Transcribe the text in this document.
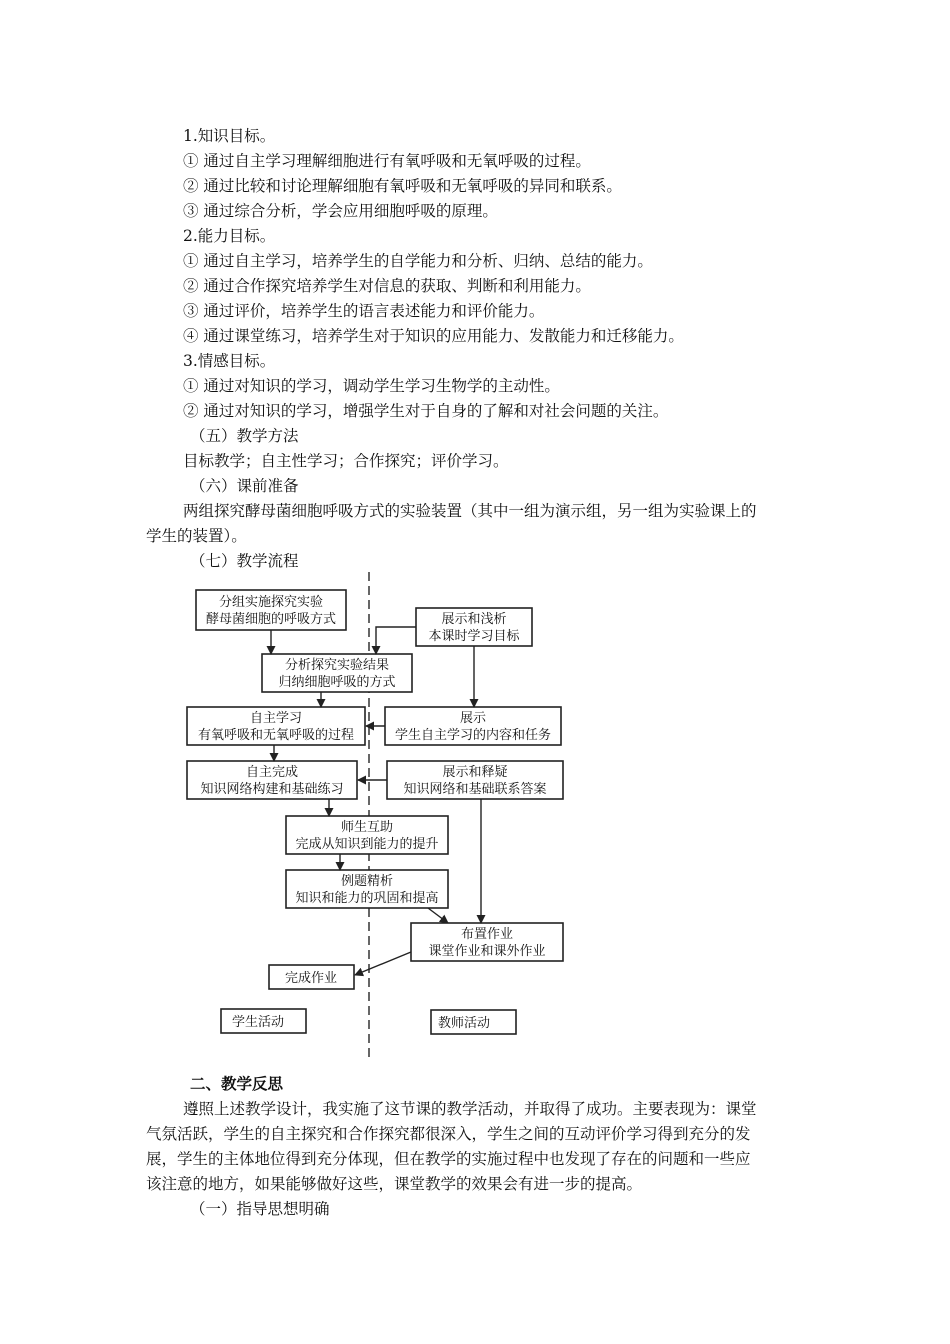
1.知识目标。
① 通过自主学习理解细胞进行有氧呼吸和无氧呼吸的过程。
② 通过比较和讨论理解细胞有氧呼吸和无氧呼吸的异同和联系。
③ 通过综合分析，学会应用细胞呼吸的原理。
2.能力目标。
① 通过自主学习，培养学生的自学能力和分析、归纳、总结的能力。
② 通过合作探究培养学生对信息的获取、判断和利用能力。
③ 通过评价，培养学生的语言表述能力和评价能力。
④ 通过课堂练习，培养学生对于知识的应用能力、发散能力和迁移能力。
3.情感目标。
① 通过对知识的学习，调动学生学习生物学的主动性。
② 通过对知识的学习，增强学生对于自身的了解和对社会问题的关注。
（五）教学方法
目标教学；自主性学习；合作探究；评价学习。
（六）课前准备
两组探究酵母菌细胞呼吸方式的实验装置（其中一组为演示组，另一组为实验课上的
学生的装置）。
（七）教学流程
分组实施探究实验
酵母菌细胞的呼吸方式
分析探究实验结果
归纳细胞呼吸的方式
自主学习
有氧呼吸和无氧呼吸的过程
自主完成
知识网络构建和基础练习
师生互助
完成从知识到能力的提升
例题精析
知识和能力的巩固和提高
完成作业
展示和浅析
本课时学习目标
展示
学生自主学习的内容和任务
展示和释疑
知识网络和基础联系答案
布置作业
课堂作业和课外作业
学生活动	教师活动
二、教学反思
遵照上述教学设计，我实施了这节课的教学活动，并取得了成功。主要表现为：课堂
气氛活跃，学生的自主探究和合作探究都很深入，学生之间的互动评价学习得到充分的发
展，学生的主体地位得到充分体现，但在教学的实施过程中也发现了存在的问题和一些应
该注意的地方，如果能够做好这些，课堂教学的效果会有进一步的提高。
（一）指导思想明确
